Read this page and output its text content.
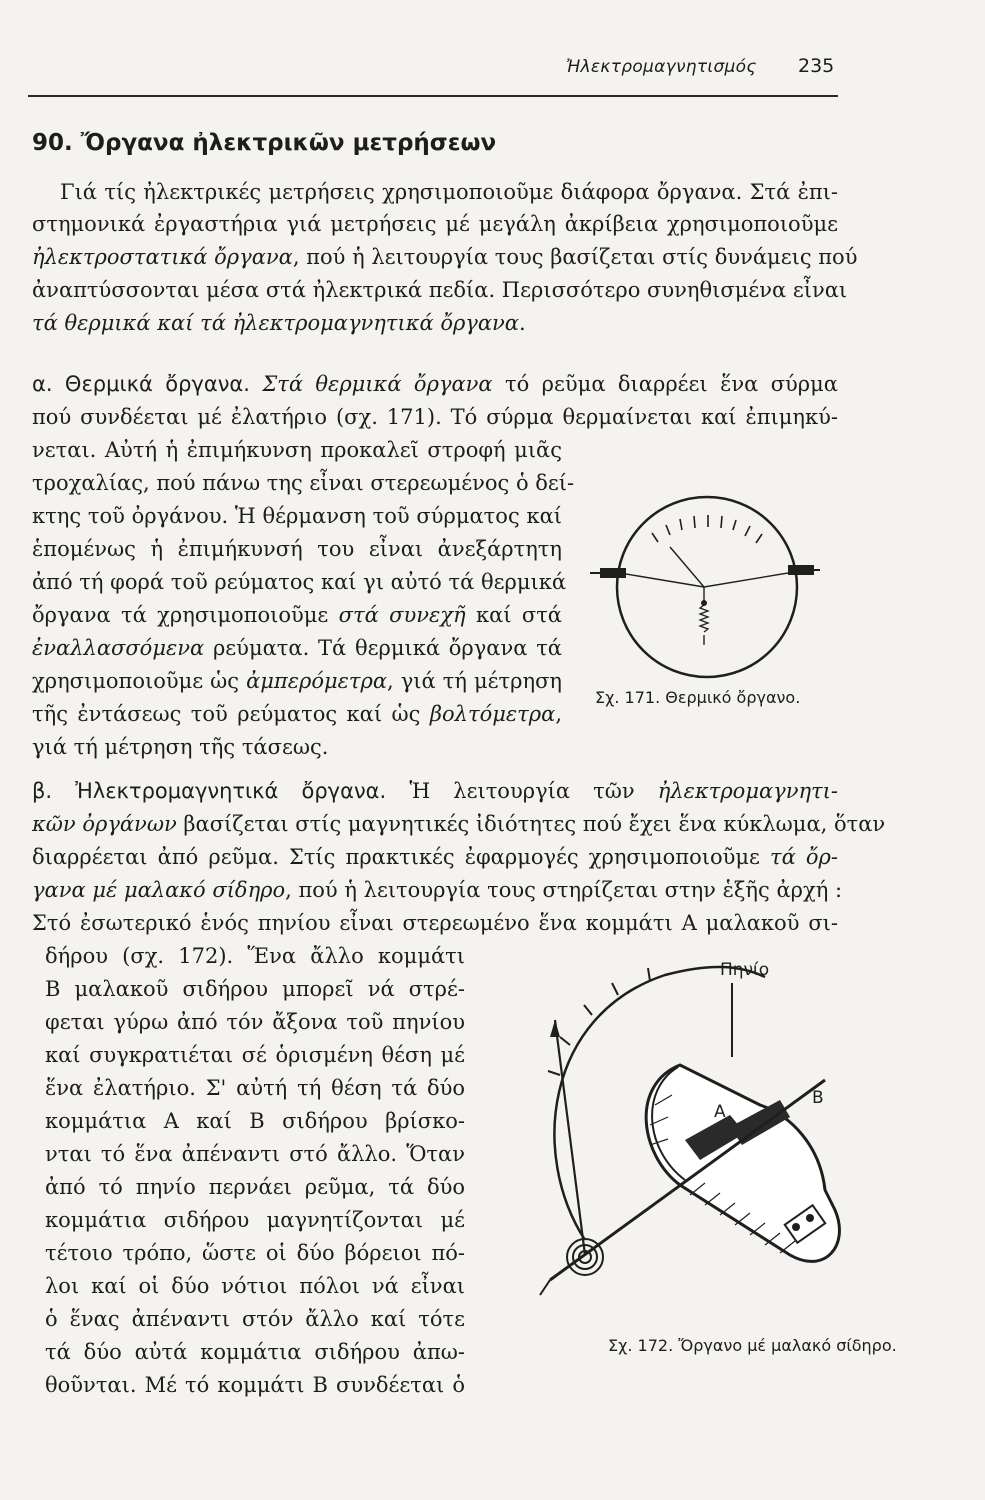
Ἠλεκτρομαγνητισμός 235
90. Ὄργανα ἠλεκτρικῶν μετρήσεων
Γιά τίς ἠλεκτρικές μετρήσεις χρησιμοποιοῦμε διάφορα ὄργανα. Στά ἐπι-
στημονικά ἐργαστήρια γιά μετρήσεις μέ μεγάλη ἀκρίβεια χρησιμοποιοῦμε
ἠλεκτροστατικά ὄργανα, πού ἡ λειτουργία τους βασίζεται στίς δυνάμεις πού
ἀναπτύσσονται μέσα στά ἠλεκτρικά πεδία. Περισσότερο συνηθισμένα εἶναι
τά θερμικά καί τά ἠλεκτρομαγνητικά ὄργανα.
α. Θερμικά ὄργανα. Στά θερμικά ὄργανα τό ρεῦμα διαρρέει ἕνα σύρμα
πού συνδέεται μέ ἐλατήριο (σχ. 171). Τό σύρμα θερμαίνεται καί ἐπιμηκύ-
νεται. Αὐτή ἡ ἐπιμήκυνση προκαλεῖ στροφή μιᾶς
τροχαλίας, πού πάνω της εἶναι στερεωμένος ὁ δεί-
κτης τοῦ ὀργάνου. Ἡ θέρμανση τοῦ σύρματος καί
ἑπομένως ἡ ἐπιμήκυνσή του εἶναι ἀνεξάρτητη
ἀπό τή φορά τοῦ ρεύματος καί γι αὐτό τά θερμικά
ὄργανα τά χρησιμοποιοῦμε στά συνεχῆ καί στά
ἐναλλασσόμενα ρεύματα. Τά θερμικά ὄργανα τά
χρησιμοποιοῦμε ὡς ἀμπερόμετρα, γιά τή μέτρηση
τῆς ἐντάσεως τοῦ ρεύματος καί ὡς βολτόμετρα,
γιά τή μέτρηση τῆς τάσεως.
Σχ. 171. Θερμικό ὄργανο.
β. Ἠλεκτρομαγνητικά ὄργανα. Ἡ λειτουργία τῶν ἠλεκτρομαγνητι-
κῶν ὀργάνων βασίζεται στίς μαγνητικές ἰδιότητες πού ἔχει ἕνα κύκλωμα, ὅταν
διαρρέεται ἀπό ρεῦμα. Στίς πρακτικές ἐφαρμογές χρησιμοποιοῦμε τά ὄρ-
γανα μέ μαλακό σίδηρο, πού ἡ λειτουργία τους στηρίζεται στην ἑξῆς ἀρχή :
Στό ἐσωτερικό ἑνός πηνίου εἶναι στερεωμένο ἕνα κομμάτι Α μαλακοῦ σι-
δήρου (σχ. 172). Ἕνα ἄλλο κομμάτι
Β μαλακοῦ σιδήρου μπορεῖ νά στρέ-
φεται γύρω ἀπό τόν ἄξονα τοῦ πηνίου
καί συγκρατιέται σέ ὁρισμένη θέση μέ
ἕνα ἐλατήριο. Σ' αὐτή τή θέση τά δύο
κομμάτια Α καί Β σιδήρου βρίσκο-
νται τό ἕνα ἀπέναντι στό ἄλλο. Ὅταν
ἀπό τό πηνίο περνάει ρεῦμα, τά δύο
κομμάτια σιδήρου μαγνητίζονται μέ
τέτοιο τρόπο, ὥστε οἱ δύο βόρειοι πό-
λοι καί οἱ δύο νότιοι πόλοι νά εἶναι
ὁ ἕνας ἀπέναντι στόν ἄλλο καί τότε
τά δύο αὐτά κομμάτια σιδήρου ἀπω-
θοῦνται. Μέ τό κομμάτι Β συνδέεται ὁ
Πηνίο
Α
Β
Σχ. 172. Ὄργανο μέ μαλακό σίδηρο.
